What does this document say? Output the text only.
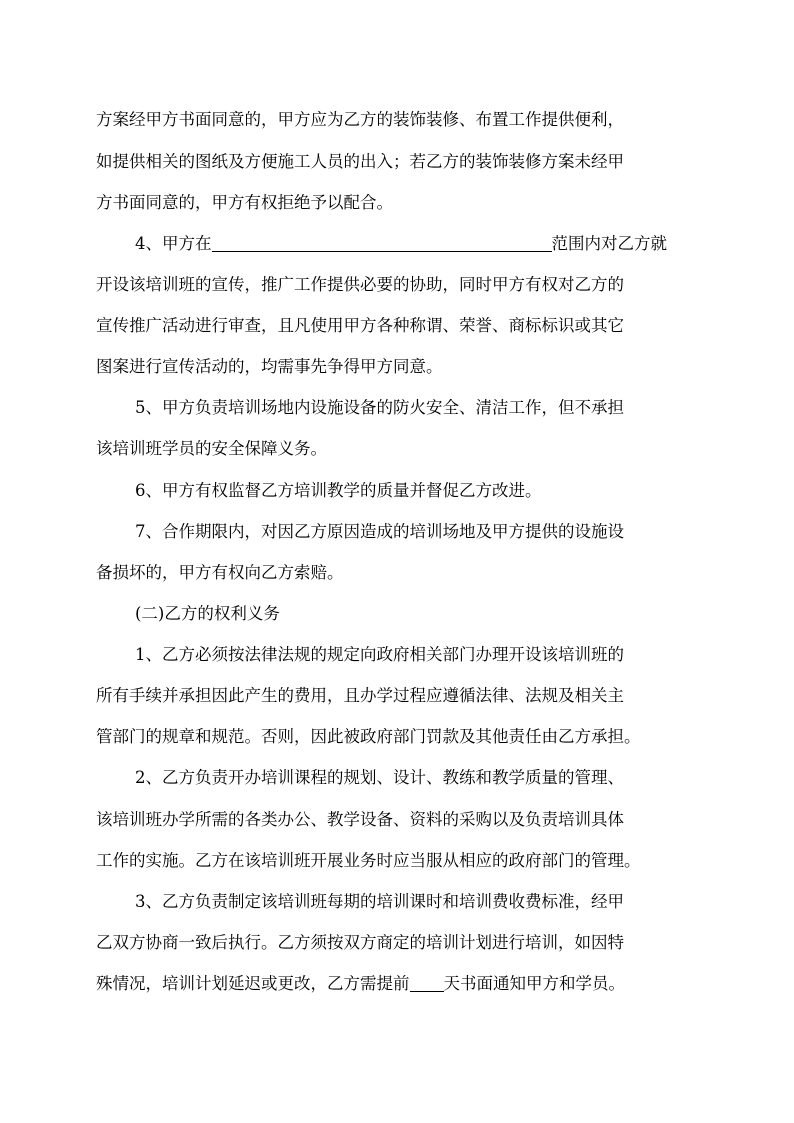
方案经甲方书面同意的，甲方应为乙方的装饰装修、布置工作提供便利，
如提供相关的图纸及方便施工人员的出入；若乙方的装饰装修方案未经甲
方书面同意的，甲方有权拒绝予以配合。
4、甲方在	范围内对乙方就
开设该培训班的宣传，推广工作提供必要的协助，同时甲方有权对乙方的
宣传推广活动进行审查，且凡使用甲方各种称谓、荣誉、商标标识或其它
图案进行宣传活动的，均需事先争得甲方同意。
5、甲方负责培训场地内设施设备的防火安全、清洁工作，但不承担
该培训班学员的安全保障义务。
6、甲方有权监督乙方培训教学的质量并督促乙方改进。
7、合作期限内，对因乙方原因造成的培训场地及甲方提供的设施设
备损坏的，甲方有权向乙方索赔。
(二)乙方的权利义务
1、乙方必须按法律法规的规定向政府相关部门办理开设该培训班的
所有手续并承担因此产生的费用，且办学过程应遵循法律、法规及相关主
管部门的规章和规范。否则，因此被政府部门罚款及其他责任由乙方承担。
2、乙方负责开办培训课程的规划、设计、教练和教学质量的管理、
该培训班办学所需的各类办公、教学设备、资料的采购以及负责培训具体
工作的实施。乙方在该培训班开展业务时应当服从相应的政府部门的管理。
3、乙方负责制定该培训班每期的培训课时和培训费收费标准，经甲
乙双方协商一致后执行。乙方须按双方商定的培训计划进行培训，如因特
殊情况，培训计划延迟或更改，乙方需提前 天书面通知甲方和学员。
